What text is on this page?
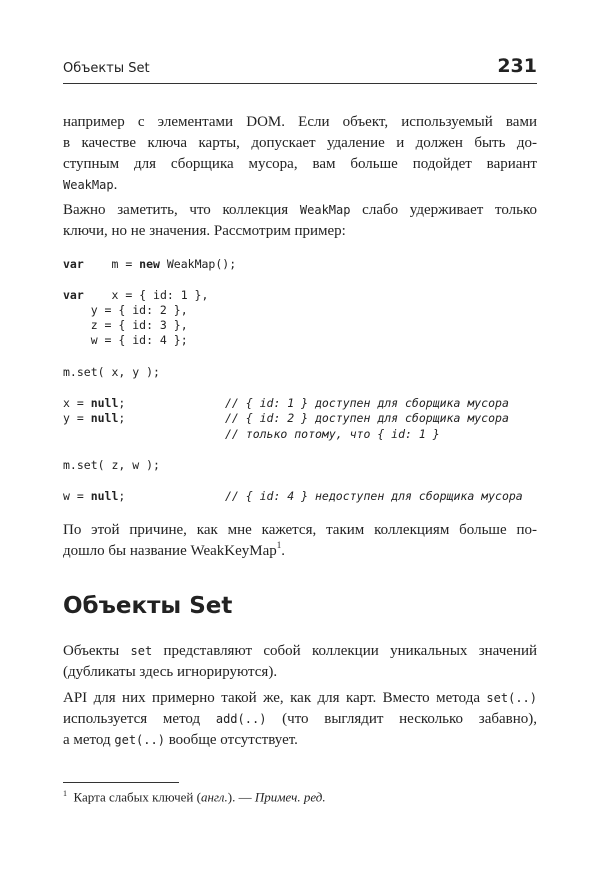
Объекты Set	231

например с элементами DOM. Если объект, используемый вами
в качестве ключа карты, допускает удаление и должен быть до-
ступным для сборщика мусора, вам больше подойдет вариант
WeakMap.

Важно заметить, что коллекция WeakMap слабо удерживает только
ключи, но не значения. Рассмотрим пример:

var    m = new WeakMap();
var    x = { id: 1 },
y = { id: 2 },
z = { id: 3 },
w = { id: 4 };
m.set( x, y );
x = null;	// { id: 1 } доступен для сборщика мусора
y = null;	// { id: 2 } доступен для сборщика мусора
// только потому, что { id: 1 }
m.set( z, w );
w = null;	// { id: 4 } недоступен для сборщика мусора

По этой причине, как мне кажется, таким коллекциям больше по-
дошло бы название WeakKeyMap$^1$.

Объекты Set

Объекты set представляют собой коллекции уникальных значений
(дубликаты здесь игнорируются).

API для них примерно такой же, как для карт. Вместо метода set(..)
используется метод add(..) (что выглядит несколько забавно),
а метод get(..) вообще отсутствует.

$^1$ Карта слабых ключей (англ.). — Примеч. ред.
